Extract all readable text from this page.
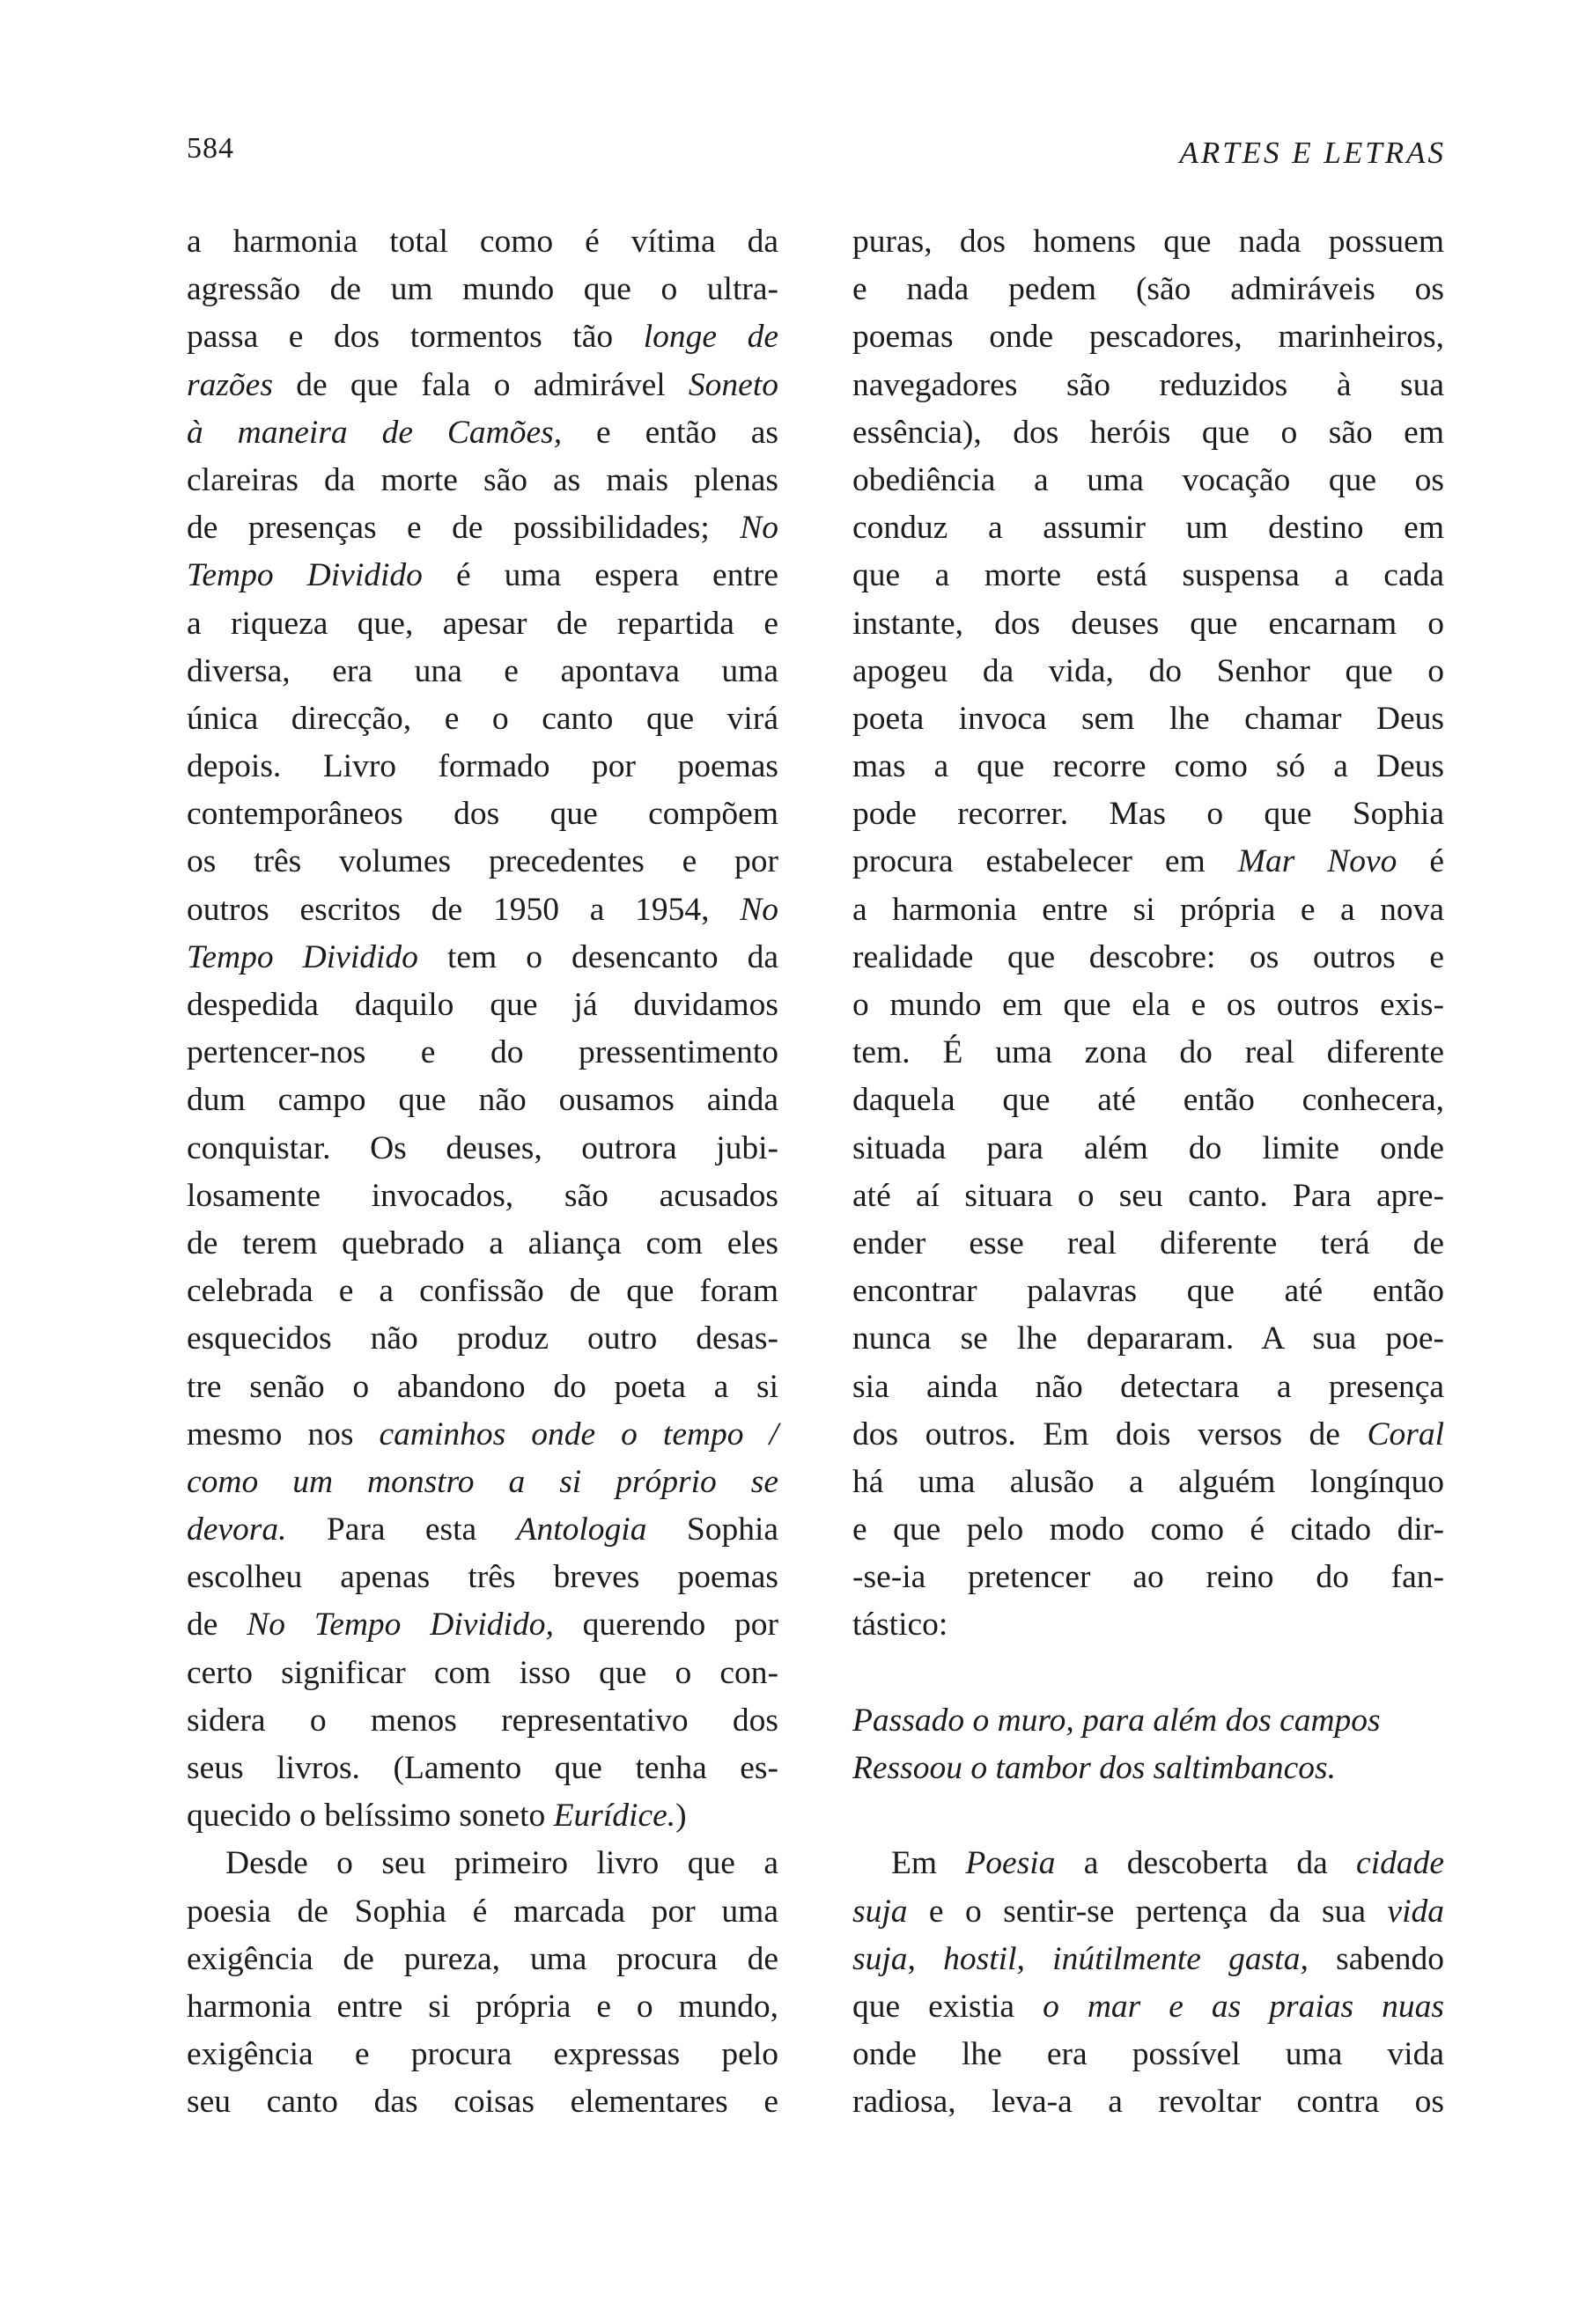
584	ARTES E LETRAS
a harmonia total como é vítima da
agressão de um mundo que o ultra-
passa e dos tormentos tão longe de
razões de que fala o admirável Soneto
à maneira de Camões, e então as
clareiras da morte são as mais plenas
de presenças e de possibilidades; No
Tempo Dividido é uma espera entre
a riqueza que, apesar de repartida e
diversa, era una e apontava uma
única direcção, e o canto que virá
depois. Livro formado por poemas
contemporâneos dos que compõem
os três volumes precedentes e por
outros escritos de 1950 a 1954, No
Tempo Dividido tem o desencanto da
despedida daquilo que já duvidamos
pertencer-nos e do pressentimento
dum campo que não ousamos ainda
conquistar. Os deuses, outrora jubi-
losamente invocados, são acusados
de terem quebrado a aliança com eles
celebrada e a confissão de que foram
esquecidos não produz outro desas-
tre senão o abandono do poeta a si
mesmo nos caminhos onde o tempo /
como um monstro a si próprio se
devora. Para esta Antologia Sophia
escolheu apenas três breves poemas
de No Tempo Dividido, querendo por
certo significar com isso que o con-
sidera o menos representativo dos
seus livros. (Lamento que tenha es-
quecido o belíssimo soneto Eurídice.)
Desde o seu primeiro livro que a
poesia de Sophia é marcada por uma
exigência de pureza, uma procura de
harmonia entre si própria e o mundo,
exigência e procura expressas pelo
seu canto das coisas elementares e
puras, dos homens que nada possuem
e nada pedem (são admiráveis os
poemas onde pescadores, marinheiros,
navegadores são reduzidos à sua
essência), dos heróis que o são em
obediência a uma vocação que os
conduz a assumir um destino em
que a morte está suspensa a cada
instante, dos deuses que encarnam o
apogeu da vida, do Senhor que o
poeta invoca sem lhe chamar Deus
mas a que recorre como só a Deus
pode recorrer. Mas o que Sophia
procura estabelecer em Mar Novo é
a harmonia entre si própria e a nova
realidade que descobre: os outros e
o mundo em que ela e os outros exis-
tem. É uma zona do real diferente
daquela que até então conhecera,
situada para além do limite onde
até aí situara o seu canto. Para apre-
ender esse real diferente terá de
encontrar palavras que até então
nunca se lhe depararam. A sua poe-
sia ainda não detectara a presença
dos outros. Em dois versos de Coral
há uma alusão a alguém longínquo
e que pelo modo como é citado dir-
-se-ia pretencer ao reino do fan-
tástico:
Passado o muro, para além dos campos
Ressoou o tambor dos saltimbancos.
Em Poesia a descoberta da cidade
suja e o sentir-se pertença da sua vida
suja, hostil, inútilmente gasta, sabendo
que existia o mar e as praias nuas
onde lhe era possível uma vida
radiosa, leva-a a revoltar contra os
